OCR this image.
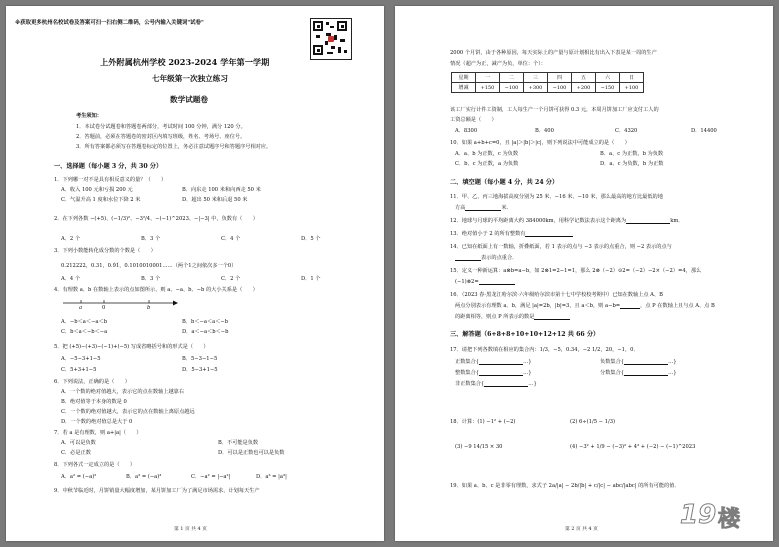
※获取更多杭州名校试卷及答案可扫一扫右侧二维码，公号内输入关键词"试卷"
上外附属杭州学校 2023-2024 学年第一学期
七年级第一次独立练习
数学试题卷
考生须知：
1．本试卷分试题卷和答题卷两部分，考试时间 100 分钟，满分 120 分。
2．答题前，必须在答题卷的密封区内填写班级，姓名、考场号、座位号。
3．所有答案都必须写在答题卷标定的位置上，务必注意试题序号和答题序号相对应。
一、选择题（每小题 3 分，共 30 分）
1．下列哪一对不是具有相反意义的量？（　　）
A．收入 100 元和亏损 200 元	B．向东走 100 米和向西走 50 米
C．气温升高 1 度和水位下降 2 米	D．超出 50 米和后退 50 米
2．在下列各数 −(+5)、(−1/3)²、−3²/4、−(−1)^2023、−|−3| 中，负数有（　　）
A．2 个	B．3 个	C．4 个	D．5 个
3．下列小数能转化成分数的个数是（　　）
0.212222，0.31，0.9̇1̇，0.1010010001……（两个1之间依次多一个0）
A．4 个	B．3 个	C．2 个	D．1 个
4．有理数 a、b 在数轴上表示的点如图所示，则 a、−a、b、−b 的大小关系是（　　）
a	0	b
A．−b＜a＜−a＜b	B．b＜−a＜a＜−b
C．b＜a＜−b＜−a	D．a＜−a＜b＜−b
5．把 (+5)−(+3)−(−1)+(−5) 写成省略括号和的形式是（　　）
A．−5−3+1−5	B．5−3−1−5
C．5+3+1−5	D．5−3+1−5
6．下列说法，正确的是（　　）
A．一个数的绝对值越大，表示它的点在数轴上越靠右
B．绝对值等于本身的数是 0
C．一个数的绝对值越大，表示它的点在数轴上离原点越远
D．一个数的绝对值总是大于 0
7．若 a 是有理数，则 a+|a|（　　）
A．可以是负数	B．不可能是负数
C．必是正数	D．可以是正数也可以是负数
8．下列各式一定成立的是（　　）
A．a² = (−a)²	B．a³ = (−a)³	C．−a² = |−a²|	D．a³ = |a³|
9．中秋节临近时，月饼销量大幅度增加，某月饼加工厂为了满足市场需求，计划每天生产
第 1 页 共 4 页
2000 个月饼，由于各种原因，每天实际上的产量与原计划相比有出入下表是某一周的生产
情况（超产为正，减产为负，单位：个）：
星期	一	二	三	四	五	六	日
增减	+150	−100	+300	−100	+200	−150	+100
该工厂实行计件工资制，工人每生产一个月饼可获得 0.3 元，本周月饼加工厂应支付工人的
工资总额是（　　）
A．8300	B．400	C．4320	D．14400
10．如果 a+b+c=0，且 |a|＞|b|＞|c|，则下列说法中可能成立的是（　　）
A．a、b 为正数，c 为负数	B．a、c 为正数，b 为负数
C．b、c 为正数，a 为负数	D．a、c 为负数，b 为正数
二、填空题（每小题 4 分，共 24 分）
11．甲、乙、丙三地海拔高度分别为 25 米、−16 米、−10 米，那么最高的地方比最低的地
方高	米．
12．地球与月球的平均距离大约 384000km，用科学记数法表示这个距离为	km．
13．绝对值小于 2 的所有整数有
14．已知在纸面上有一数轴，折叠纸面，若 1 表示的点与 −3 表示的点重合，则 −2 表示的点与
表示的点重合．
15．定义一种新运算：a⊗b=a−b，如 2⊗1=2−1=1，那么 2⊗（−2）⊙2=（−2）−2×（−2）=4，那么
(−1)⊗2=
16．（2023 春·黑龙江哈尔滨·六年级哈尔滨市第十七中学校校考期中）已知在数轴上点 A、B
两点分别表示有理数 a、b，满足 |a|=2b，|b|=3，且 a＜b，则 a−b=	，点 P 在数轴上且与点 A、点 B
的距离相等，则点 P 所表示的数是
三、解答题（6+8+8+10+10+12+12 共 66 分）
17．请把下列各数填在相应的集合内：1/3，−5，0.34，−2 1/2，20，−1，0．
正数集合{	…}	负数集合{	…}
整数集合{	…}	分数集合{	…}
非正数集合{	…}
18．计算：(1) −1² + (−2)	(2) 6÷(1/5 − 1/3)
(3) −9 14/15 × 30	(4) −3² + 1/9 − (−3)² + 4³ + (−2) − (−1)^2023
19．如果 a、b、c 是非零有理数，求式子 2a/|a| − 2b/|b| + c/|c| − abc/|abc| 的所有可能的值．
第 2 页 共 4 页	19 楼
19lou.com
